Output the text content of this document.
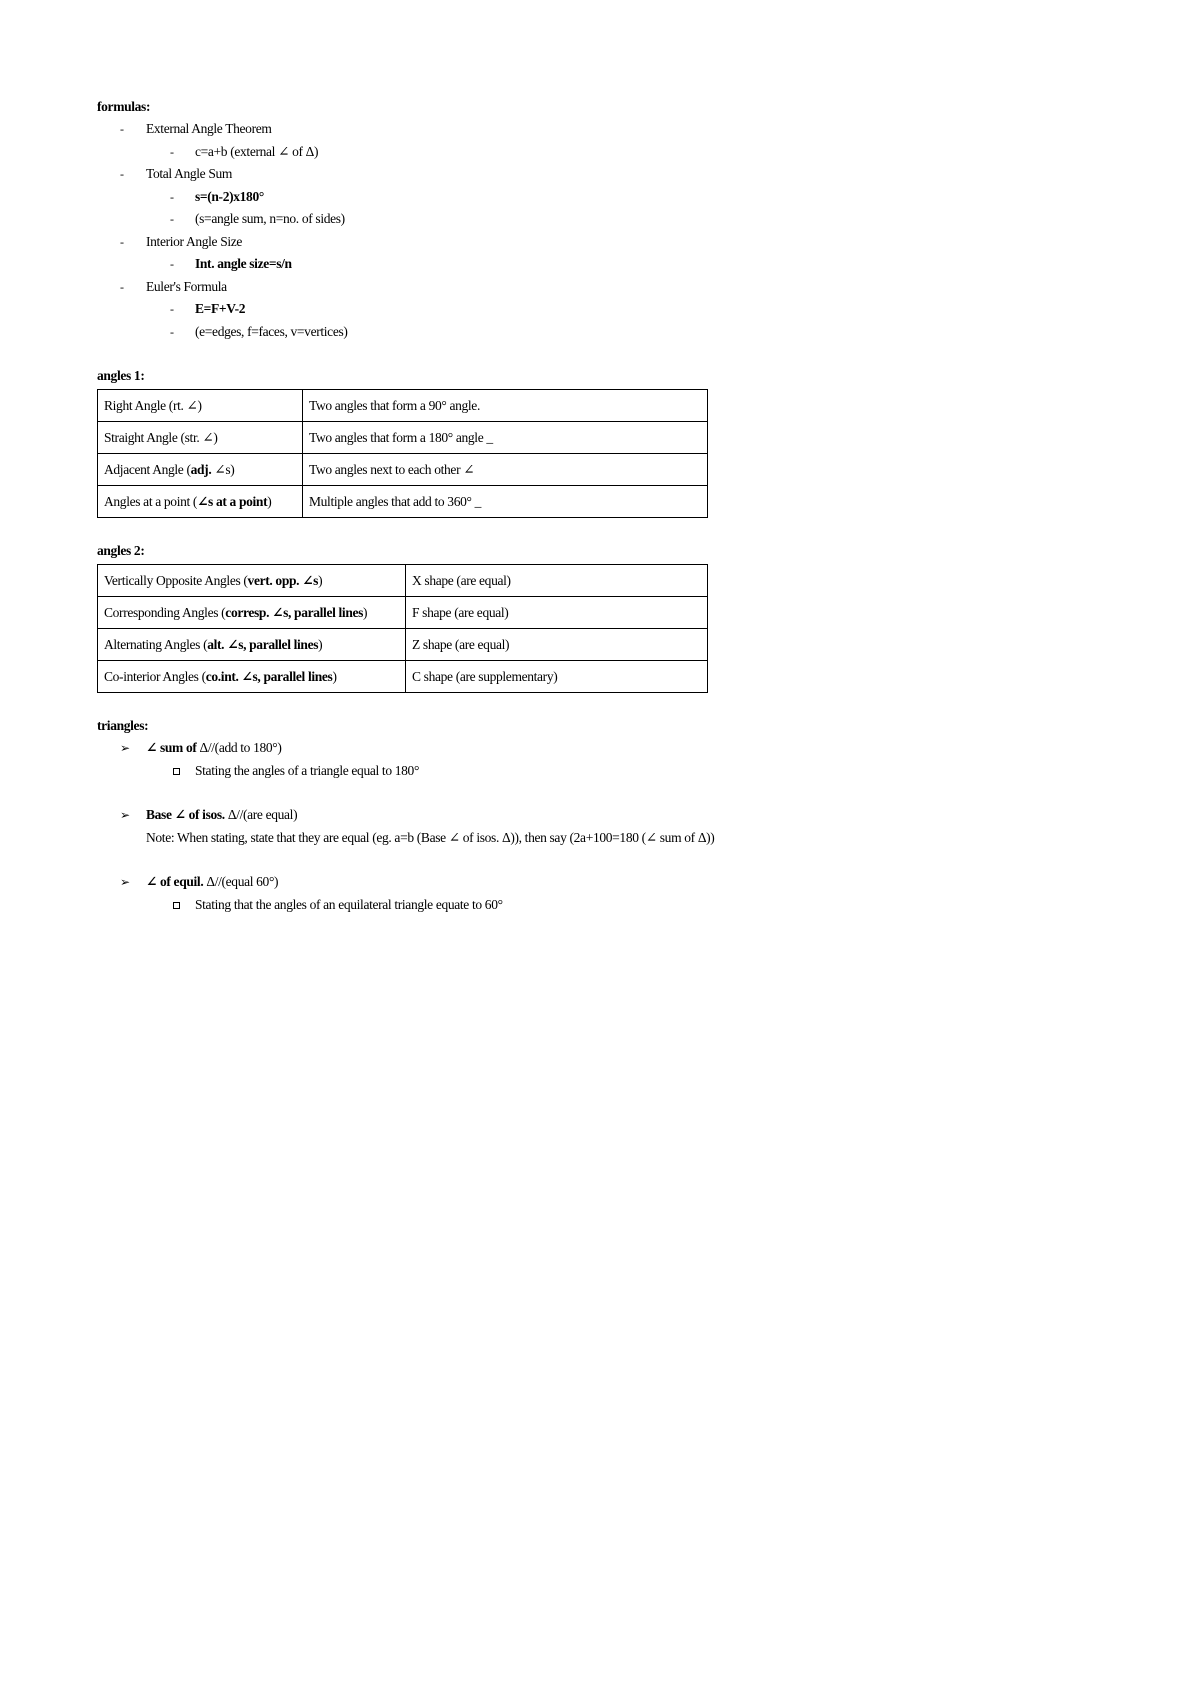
formulas:
- External Angle Theorem
- c=a+b (external ∠ of Δ)
- Total Angle Sum
- s=(n-2)x180°
- (s=angle sum, n=no. of sides)
- Interior Angle Size
- Int. angle size=s/n
- Euler's Formula
- E=F+V-2
- (e=edges, f=faces, v=vertices)
angles 1:
Right Angle (rt. ∠)	Two angles that form a 90° angle.
Straight Angle (str. ∠)	Two angles that form a 180° angle _
Adjacent Angle (adj. ∠s)	Two angles next to each other ∠
Angles at a point (∠s at a point)	Multiple angles that add to 360° _
angles 2:
Vertically Opposite Angles (vert. opp. ∠s)	X shape (are equal)
Corresponding Angles (corresp. ∠s, parallel lines)	F shape (are equal)
Alternating Angles (alt. ∠s, parallel lines)	Z shape (are equal)
Co-interior Angles (co.int. ∠s, parallel lines)	C shape (are supplementary)
triangles:
➢ ∠ sum of Δ//(add to 180°)
Stating the angles of a triangle equal to 180°
➢ Base ∠ of isos. Δ//(are equal)
Note: When stating, state that they are equal (eg. a=b (Base ∠ of isos. Δ)), then say (2a+100=180 (∠ sum of Δ))
➢ ∠ of equil. Δ//(equal 60°)
Stating that the angles of an equilateral triangle equate to 60°
